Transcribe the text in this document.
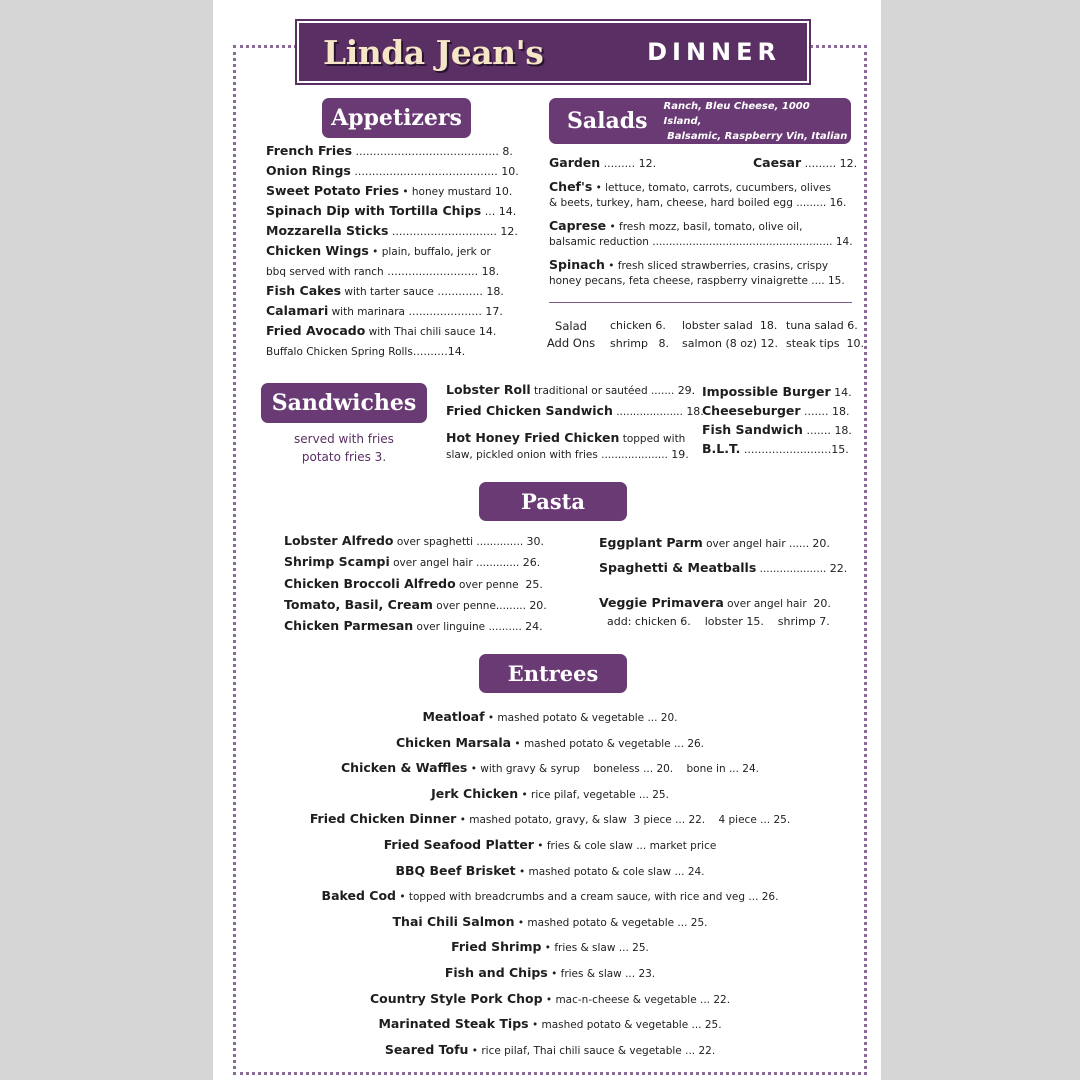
Linda Jean's	DINNER
Appetizers
French Fries ......................................... 8.
Onion Rings ......................................... 10.
Sweet Potato Fries • honey mustard 10.
Spinach Dip with Tortilla Chips ... 14.
Mozzarella Sticks .............................. 12.
Chicken Wings • plain, buffalo, jerk or
bbq served with ranch .......................... 18.
Fish Cakes with tarter sauce ............. 18.
Calamari with marinara ..................... 17.
Fried Avocado with Thai chili sauce 14.
Buffalo Chicken Spring Rolls..........14.
Salads
Ranch, Bleu Cheese, 1000 Island,
Balsamic, Raspberry Vin, Italian
Garden ......... 12.	Caesar ......... 12.
Chef's • lettuce, tomato, carrots, cucumbers, olives
& beets, turkey, ham, cheese, hard boiled egg ......... 16.
Caprese • fresh mozz, basil, tomato, olive oil,
balsamic reduction ...................................................... 14.
Spinach • fresh sliced strawberries, crasins, crispy
honey pecans, feta cheese, raspberry vinaigrette .... 15.
Salad
Add Ons
chicken 6.
shrimp   8.
lobster salad  18.
salmon (8 oz) 12.
tuna salad 6.
steak tips  10.
Sandwiches
served with fries
potato fries 3.
Lobster Roll traditional or sautéed ....... 29.
Fried Chicken Sandwich .................... 18.
Hot Honey Fried Chicken topped with
slaw, pickled onion with fries .................... 19.
Impossible Burger 14.
Cheeseburger ....... 18.
Fish Sandwich ....... 18.
B.L.T. .........................15.
Pasta
Lobster Alfredo over spaghetti .............. 30.
Shrimp Scampi over angel hair ............. 26.
Chicken Broccoli Alfredo over penne  25.
Tomato, Basil, Cream over penne......... 20.
Chicken Parmesan over linguine .......... 24.
Eggplant Parm over angel hair ...... 20.
Spaghetti & Meatballs .................... 22.
Veggie Primavera over angel hair  20.
add: chicken 6.    lobster 15.    shrimp 7.
Entrees
Meatloaf • mashed potato & vegetable ... 20.
Chicken Marsala • mashed potato & vegetable ... 26.
Chicken & Waffles • with gravy & syrup    boneless ... 20.    bone in ... 24.
Jerk Chicken • rice pilaf, vegetable ... 25.
Fried Chicken Dinner • mashed potato, gravy, & slaw  3 piece ... 22.    4 piece ... 25.
Fried Seafood Platter • fries & cole slaw ... market price
BBQ Beef Brisket • mashed potato & cole slaw ... 24.
Baked Cod • topped with breadcrumbs and a cream sauce, with rice and veg ... 26.
Thai Chili Salmon • mashed potato & vegetable ... 25.
Fried Shrimp • fries & slaw ... 25.
Fish and Chips • fries & slaw ... 23.
Country Style Pork Chop • mac-n-cheese & vegetable ... 22.
Marinated Steak Tips • mashed potato & vegetable ... 25.
Seared Tofu • rice pilaf, Thai chili sauce & vegetable ... 22.
